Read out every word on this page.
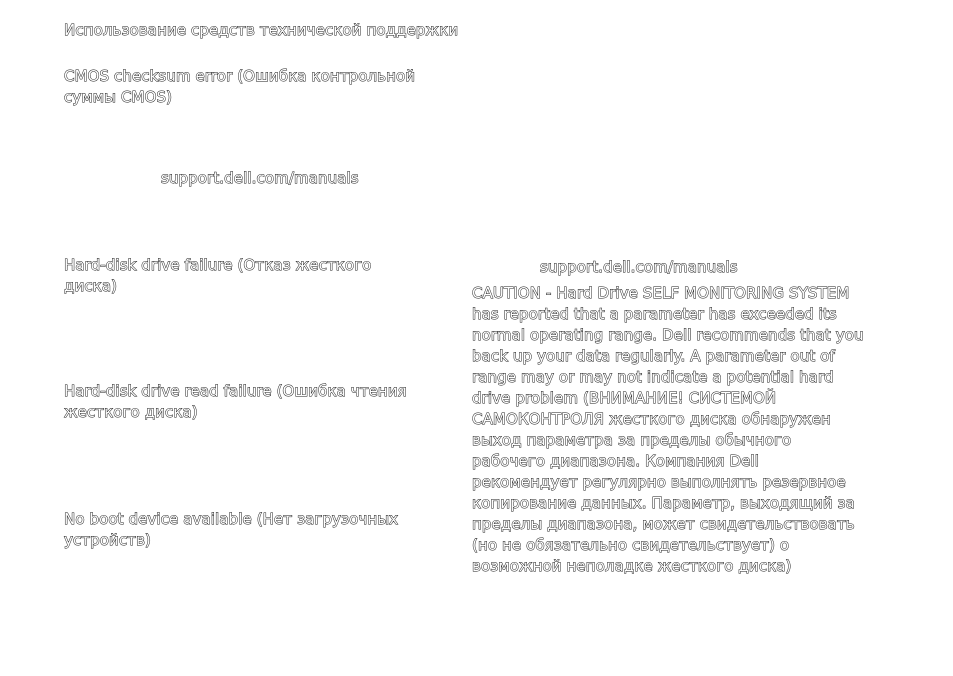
Использование средств технической поддержки

CMOS checksum error (Ошибка контрольной суммы CMOS)

support.dell.com/manuals

Hard-disk drive failure (Отказ жесткого диска)

support.dell.com/manuals

CAUTION - Hard Drive SELF MONITORING SYSTEM has reported that a parameter has exceeded its normal operating range. Dell recommends that you back up your data regularly. A parameter out of range may or may not indicate a potential hard drive problem (ВНИМАНИЕ! СИСТЕМОЙ САМОКОНТРОЛЯ жесткого диска обнаружен выход параметра за пределы обычного рабочего диапазона. Компания Dell рекомендует регулярно выполнять резервное копирование данных. Параметр, выходящий за пределы диапазона, может свидетельствовать (но не обязательно свидетельствует) о возможной неполадке жесткого диска)

Hard-disk drive read failure (Ошибка чтения жесткого диска)

No boot device available (Нет загрузочных устройств)
